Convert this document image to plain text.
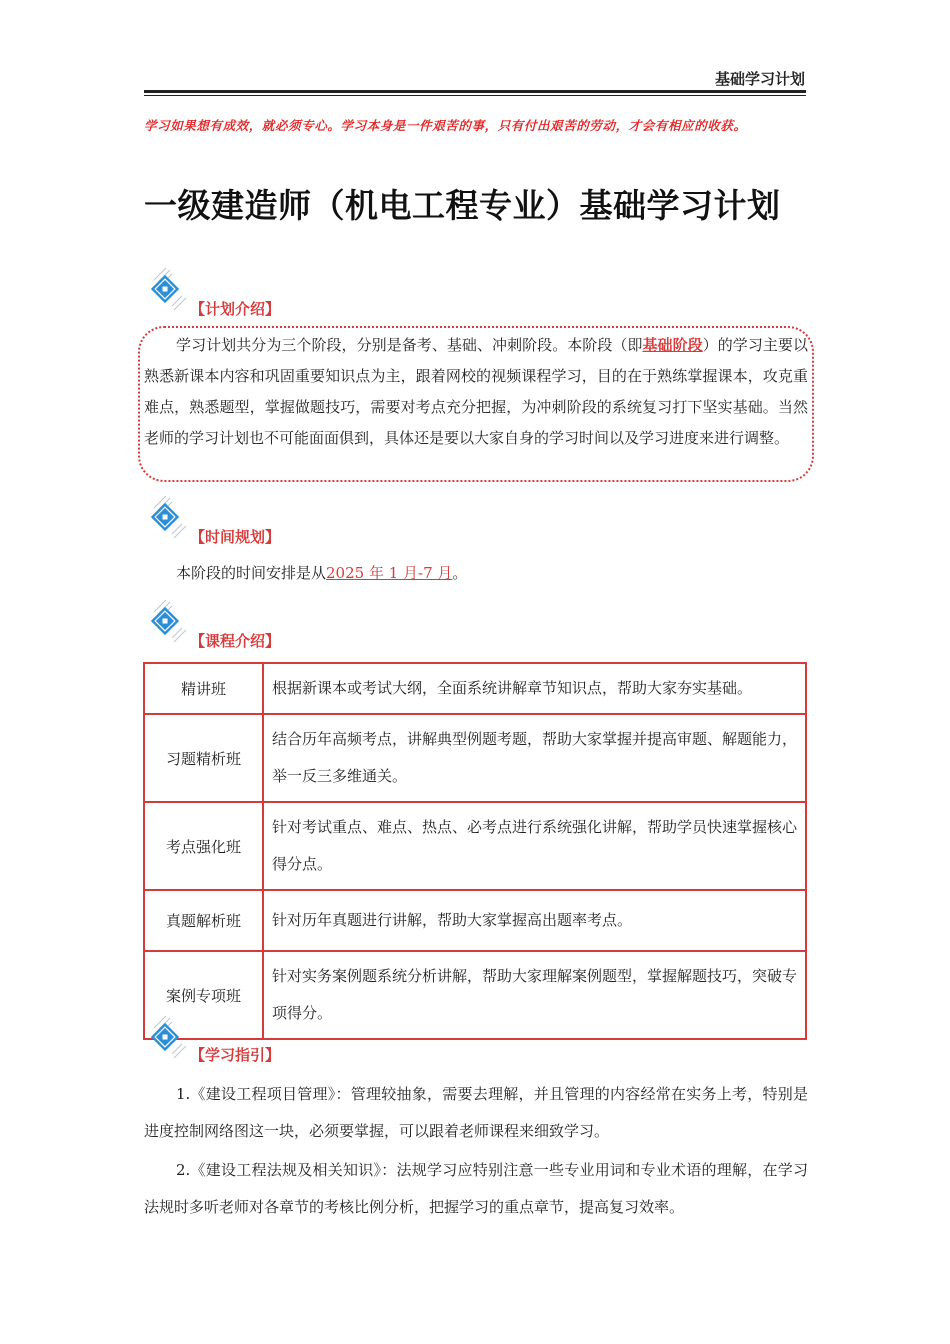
基础学习计划
学习如果想有成效，就必须专心。学习本身是一件艰苦的事，只有付出艰苦的劳动，才会有相应的收获。
一级建造师（机电工程专业）基础学习计划
【计划介绍】
学习计划共分为三个阶段，分别是备考、基础、冲刺阶段。本阶段（即基础阶段）的学习主要以熟悉新课本内容和巩固重要知识点为主，跟着网校的视频课程学习，目的在于熟练掌握课本，攻克重难点，熟悉题型，掌握做题技巧，需要对考点充分把握，为冲刺阶段的系统复习打下坚实基础。当然老师的学习计划也不可能面面俱到，具体还是要以大家自身的学习时间以及学习进度来进行调整。
【时间规划】
本阶段的时间安排是从2025 年 1 月-7 月。
【课程介绍】
精讲班	根据新课本或考试大纲，全面系统讲解章节知识点，帮助大家夯实基础。
习题精析班	结合历年高频考点，讲解典型例题考题，帮助大家掌握并提高审题、解题能力，举一反三多维通关。
考点强化班	针对考试重点、难点、热点、必考点进行系统强化讲解，帮助学员快速掌握核心得分点。
真题解析班	针对历年真题进行讲解，帮助大家掌握高出题率考点。
案例专项班	针对实务案例题系统分析讲解，帮助大家理解案例题型，掌握解题技巧，突破专项得分。
【学习指引】
1.《建设工程项目管理》：管理较抽象，需要去理解，并且管理的内容经常在实务上考，特别是进度控制网络图这一块，必须要掌握，可以跟着老师课程来细致学习。
2.《建设工程法规及相关知识》：法规学习应特别注意一些专业用词和专业术语的理解，在学习法规时多听老师对各章节的考核比例分析，把握学习的重点章节，提高复习效率。
